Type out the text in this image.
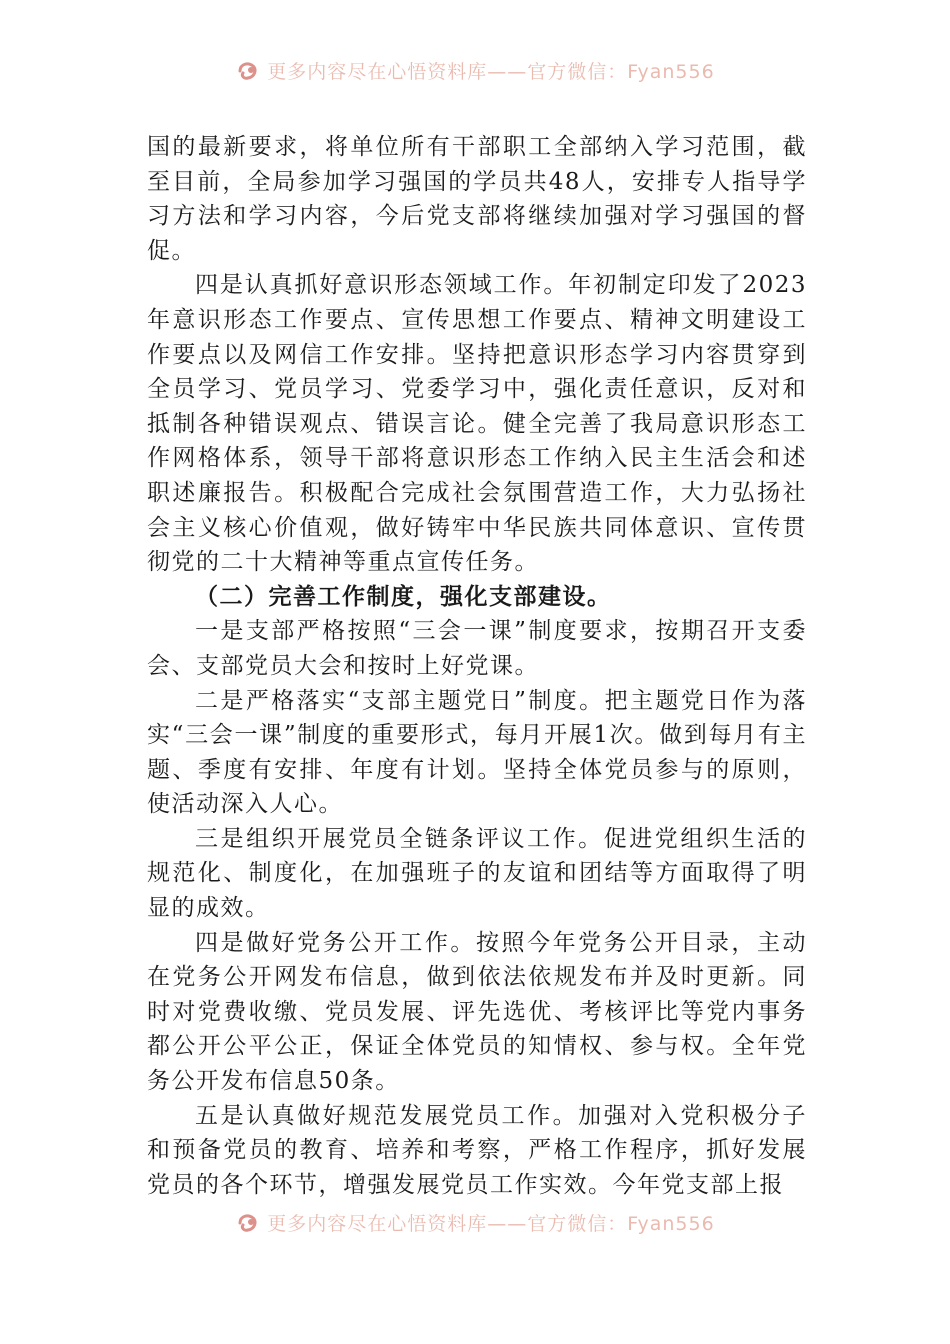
更多内容尽在心悟资料库——官方微信：Fyan556

国的最新要求，将单位所有干部职工全部纳入学习范围，截至目前，全局参加学习强国的学员共48人，安排专人指导学习方法和学习内容，今后党支部将继续加强对学习强国的督促。

四是认真抓好意识形态领域工作。年初制定印发了2023年意识形态工作要点、宣传思想工作要点、精神文明建设工作要点以及网信工作安排。坚持把意识形态学习内容贯穿到全员学习、党员学习、党委学习中，强化责任意识，反对和抵制各种错误观点、错误言论。健全完善了我局意识形态工作网格体系，领导干部将意识形态工作纳入民主生活会和述职述廉报告。积极配合完成社会氛围营造工作，大力弘扬社会主义核心价值观，做好铸牢中华民族共同体意识、宣传贯彻党的二十大精神等重点宣传任务。

（二）完善工作制度，强化支部建设。

一是支部严格按照“三会一课”制度要求，按期召开支委会、支部党员大会和按时上好党课。

二是严格落实“支部主题党日”制度。把主题党日作为落实“三会一课”制度的重要形式，每月开展1次。做到每月有主题、季度有安排、年度有计划。坚持全体党员参与的原则，使活动深入人心。

三是组织开展党员全链条评议工作。促进党组织生活的规范化、制度化，在加强班子的友谊和团结等方面取得了明显的成效。

四是做好党务公开工作。按照今年党务公开目录，主动在党务公开网发布信息，做到依法依规发布并及时更新。同时对党费收缴、党员发展、评先选优、考核评比等党内事务都公开公平公正，保证全体党员的知情权、参与权。全年党务公开发布信息50条。

五是认真做好规范发展党员工作。加强对入党积极分子和预备党员的教育、培养和考察，严格工作程序，抓好发展党员的各个环节，增强发展党员工作实效。今年党支部上报

更多内容尽在心悟资料库——官方微信：Fyan556
